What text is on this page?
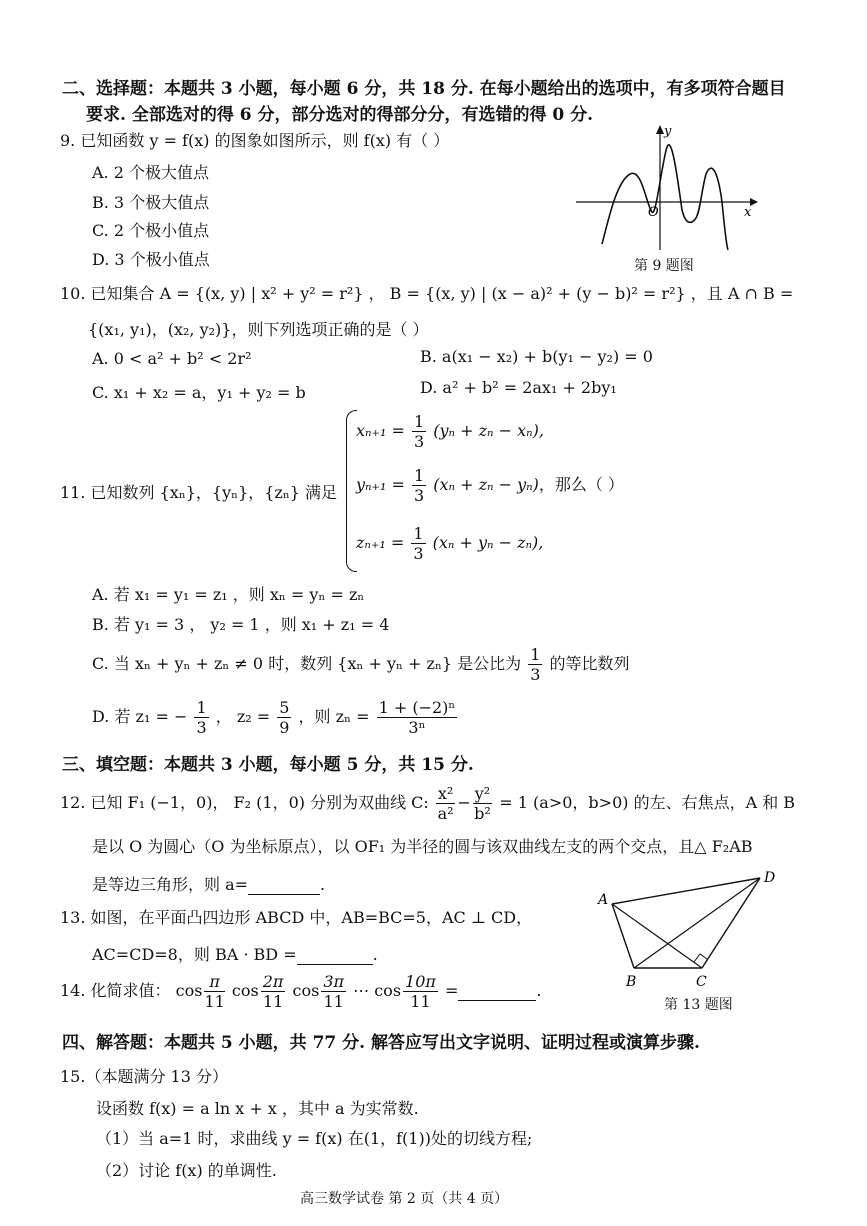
二、选择题：本题共 3 小题，每小题 6 分，共 18 分. 在每小题给出的选项中，有多项符合题目
要求. 全部选对的得 6 分，部分选对的得部分分，有选错的得 0 分.
9. 已知函数 y = f(x) 的图象如图所示，则 f(x) 有（ ）
A. 2 个极大值点
B. 3 个极大值点
C. 2 个极小值点
D. 3 个极小值点
y
x
O
第 9 题图
10. 已知集合 A = {(x, y) | x² + y² = r²} ， B = {(x, y) | (x − a)² + (y − b)² = r²} ，且 A ∩ B =
{(x₁, y₁)，(x₂, y₂)}，则下列选项正确的是（ ）
A. 0 < a² + b² < 2r²	B. a(x₁ − x₂) + b(y₁ − y₂) = 0
C. x₁ + x₂ = a，y₁ + y₂ = b	D. a² + b² = 2ax₁ + 2by₁
11. 已知数列 {xₙ}，{yₙ}，{zₙ} 满足
$x_{n+1} = \frac{1}{3} (y_n + z_n - x_n)$,
$y_{n+1} = \frac{1}{3} (x_n + z_n - y_n)$，那么（ ）
$z_{n+1} = \frac{1}{3} (x_n + y_n - z_n)$,
A. 若 x₁ = y₁ = z₁ ，则 xₙ = yₙ = zₙ
B. 若 y₁ = 3 ， y₂ = 1 ，则 x₁ + z₁ = 4
C. 当 xₙ + yₙ + zₙ ≠ 0 时，数列 {xₙ + yₙ + zₙ} 是公比为 $\frac{1}{3}$ 的等比数列
D. 若 z₁ = − $\frac{1}{3}$ ， $z_2 = \frac{5}{9}$ ，则 $z_n = \frac{\text{1 + (−2)ⁿ}}{\text{3ⁿ}}$
三、填空题：本题共 3 小题，每小题 5 分，共 15 分.
12. 已知 F₁ (−1，0)， F₂ (1，0) 分别为双曲线 C: $\frac{\text{x²}}{\text{a²}} - \frac{\text{y²}}{\text{b²}} = 1$ (a>0，b>0) 的左、右焦点，A 和 B
是以 O 为圆心（O 为坐标原点），以 OF₁ 为半径的圆与该双曲线左支的两个交点，且△ F₂AB
是等边三角形，则 a=	.
13. 如图，在平面凸四边形 ABCD 中，AB=BC=5，AC ⊥ CD，
AC=CD=8，则 BA · BD =	.
A
B	C
D
第 13 题图
14. 化简求值： $\cos \frac{\pi}{11}$ $\cos \frac{2\pi}{11}$ $\cos \frac{3\pi}{11}$ ⋯ $\cos \frac{10\pi}{11}$ =	.
四、解答题：本题共 5 小题，共 77 分. 解答应写出文字说明、证明过程或演算步骤.
15.（本题满分 13 分）
设函数 f(x) = a ln x + x ，其中 a 为实常数.
（1）当 a=1 时，求曲线 y = f(x) 在(1，f(1))处的切线方程;
（2）讨论 f(x) 的单调性.
高三数学试卷 第 2 页（共 4 页）
